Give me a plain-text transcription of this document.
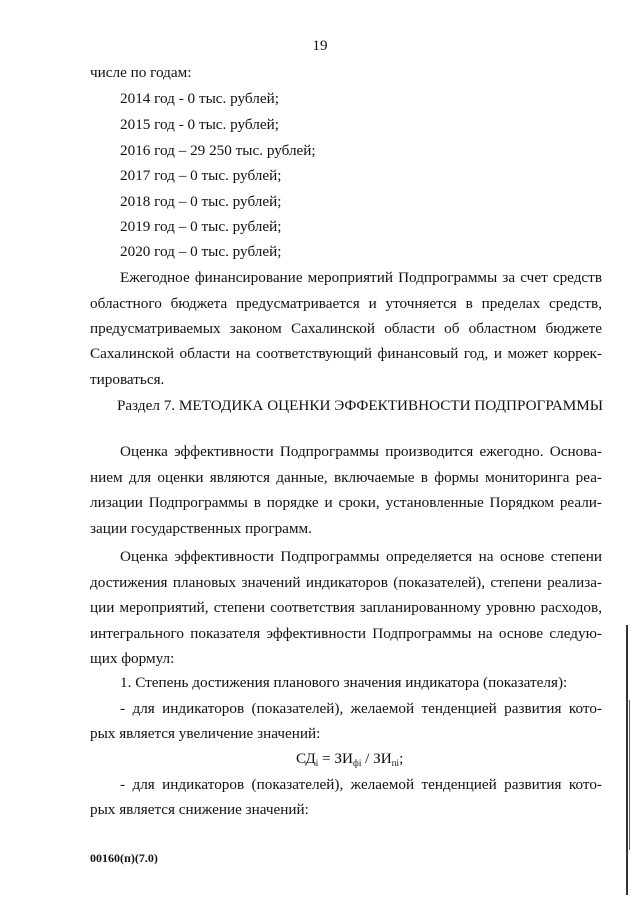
19
числе по годам:
2014 год - 0 тыс. рублей;
2015 год - 0 тыс. рублей;
2016 год – 29 250 тыс. рублей;
2017 год – 0 тыс. рублей;
2018 год – 0 тыс. рублей;
2019 год – 0 тыс. рублей;
2020 год – 0 тыс. рублей;
Ежегодное финансирование мероприятий Подпрограммы за счет средств
областного бюджета предусматривается и уточняется в пределах средств,
предусматриваемых законом Сахалинской области об областном бюджете
Сахалинской области на соответствующий финансовый год, и может коррек-
тироваться.
Раздел 7. МЕТОДИКА ОЦЕНКИ ЭФФЕКТИВНОСТИ ПОДПРОГРАММЫ
Оценка эффективности Подпрограммы производится ежегодно. Основа-
нием для оценки являются данные, включаемые в формы мониторинга реа-
лизации Подпрограммы в порядке и сроки, установленные Порядком реали-
зации государственных программ.
Оценка эффективности Подпрограммы определяется на основе степени
достижения плановых значений индикаторов (показателей), степени реализа-
ции мероприятий, степени соответствия запланированному уровню расходов,
интегрального показателя эффективности Подпрограммы на основе следую-
щих формул:
1. Степень достижения планового значения индикатора (показателя):
- для индикаторов (показателей), желаемой тенденцией развития кото-
рых является увеличение значений:
$СД_i = ЗИ_{фi} / ЗИ_{пi}$;
- для индикаторов (показателей), желаемой тенденцией развития кото-
рых является снижение значений:
00160(п)(7.0)
